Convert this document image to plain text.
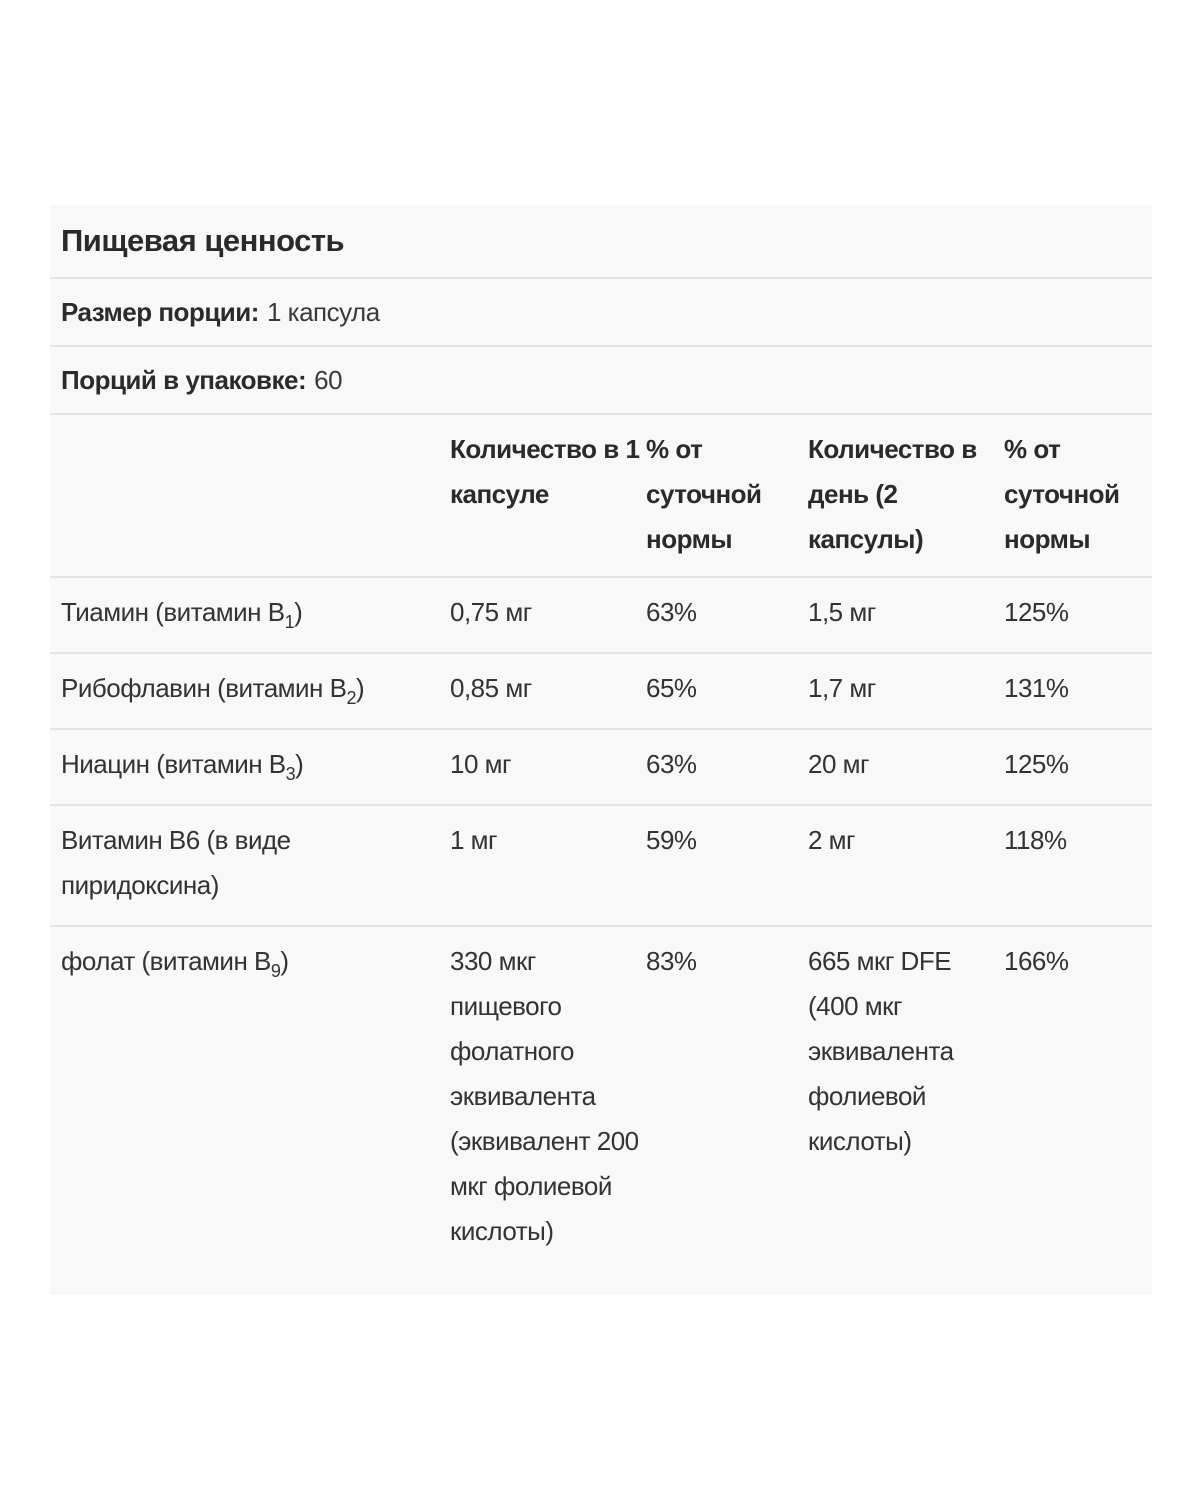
Пищевая ценность
Размер порции: 1 капсула
Порций в упаковке: 60
	Количество в 1 капсуле	% от суточной нормы	Количество в день (2 капсулы)	% от суточной нормы
Тиамин (витамин $B_1$)	0,75 мг	63%	1,5 мг	125%
Рибофлавин (витамин $B_2$)	0,85 мг	65%	1,7 мг	131%
Ниацин (витамин $B_3$)	10 мг	63%	20 мг	125%
Витамин B6 (в виде пиридоксина)	1 мг	59%	2 мг	118%
фолат (витамин $B_9$)	330 мкг пищевого фолатного эквивалента (эквивалент 200 мкг фолиевой кислоты)	83%	665 мкг DFE (400 мкг эквивалента фолиевой кислоты)	166%
